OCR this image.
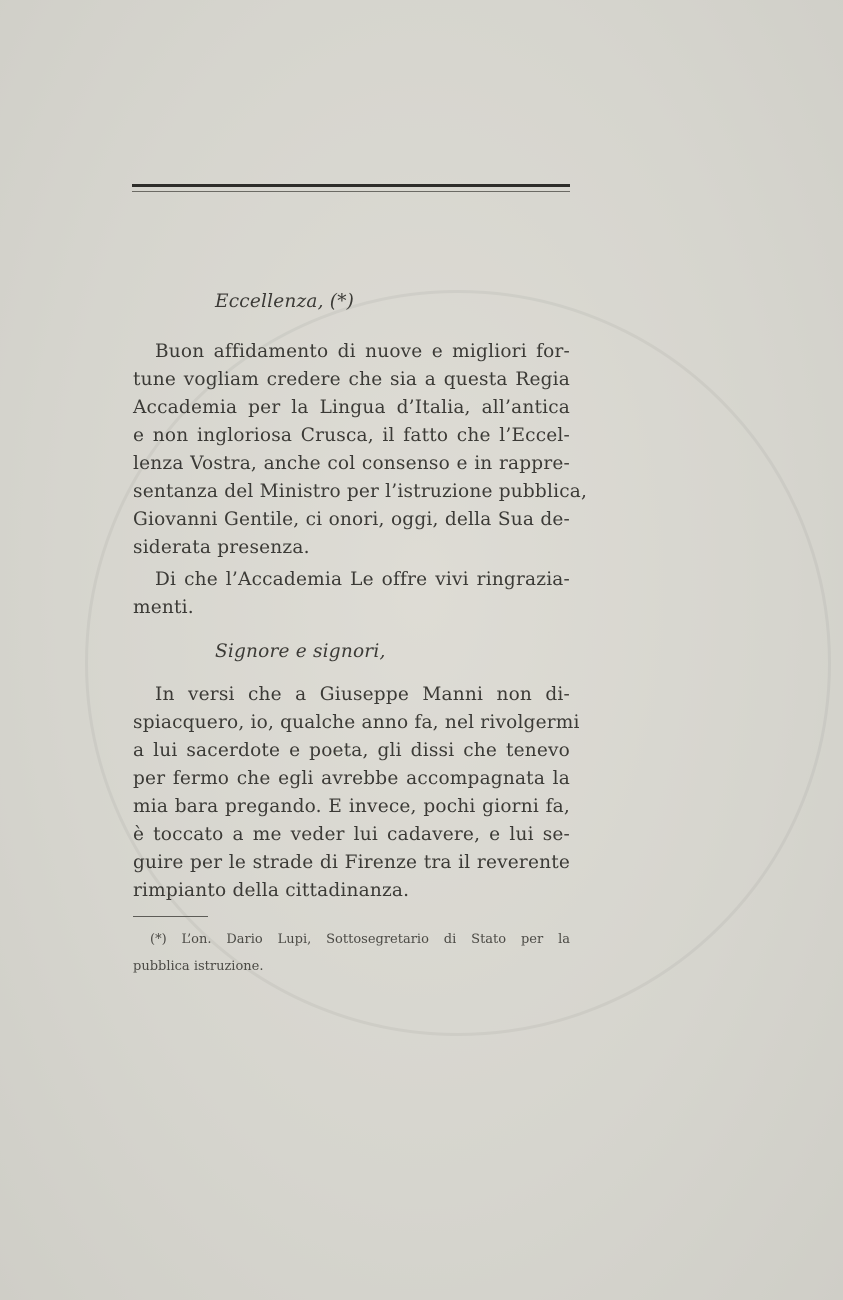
Eccellenza, (*)
Buon affidamento di nuove e migliori for-
tune vogliam credere che sia a questa Regia
Accademia per la Lingua d’Italia, all’antica
e non ingloriosa Crusca, il fatto che l’Eccel-
lenza Vostra, anche col consenso e in rappre-
sentanza del Ministro per l’istruzione pubblica,
Giovanni Gentile, ci onori, oggi, della Sua de-
siderata presenza.
Di che l’Accademia Le offre vivi ringrazia-
menti.
Signore e signori,
In versi che a Giuseppe Manni non di-
spiacquero, io, qualche anno fa, nel rivolgermi
a lui sacerdote e poeta, gli dissi che tenevo
per fermo che egli avrebbe accompagnata la
mia bara pregando. E invece, pochi giorni fa,
è toccato a me veder lui cadavere, e lui se-
guire per le strade di Firenze tra il reverente
rimpianto della cittadinanza.
(*) L’on. Dario Lupi, Sottosegretario di Stato per la
pubblica istruzione.
